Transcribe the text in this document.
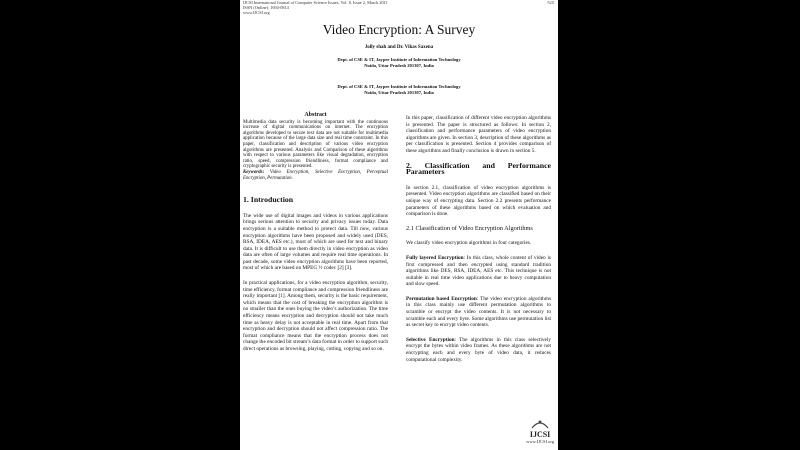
IJCSI International Journal of Computer Science Issues, Vol. 8, Issue 2, March 2011
ISSN (Online): 1694-0814
www.IJCSI.org
525
Video Encryption: A Survey
Jolly shah and Dr. Vikas Saxena
Dept. of CSE & IT, Jaypee Institute of Information Technology
Noida, Uttar Pradesh 201307, India
Dept. of CSE & IT, Jaypee Institute of Information Technology
Noida, Uttar Pradesh 201307, India
Abstract

Multimedia data security is becoming important with the continuous increase of digital communications on internet. The encryption algorithms developed to secure text data are not suitable for multimedia application because of the large data size and real time constraint. In this paper, classification and description of various video encryption algorithms are presented. Analysis and Comparison of these algorithms with respect to various parameters like visual degradation, encryption ratio, speed, compression friendliness, format compliance and cryptographic security is presented.

Keywords: Video Encryption, Selective Encryption, Perceptual Encryption, Permutation.

1. Introduction

The wide use of digital images and videos in various applications brings serious attention to security and privacy issues today. Data encryption is a suitable method to protect data. Till now, various encryption algorithms have been proposed and widely used (DES, RSA, IDEA, AES etc.), most of which are used for text and binary data. It is difficult to use them directly in video encryption as video data are often of large volumes and require real time operations. In past decade, some video encryption algorithms have been reported, most of which are based on MPEG ½ codec [2] [3].

In practical applications, for a video encryption algorithm, security, time efficiency, format compliance and compression friendliness are really important [1]. Among them, security is the basic requirement, which means that the cost of breaking the encryption algorithm is no smaller than the ones buying the video’s authorization. The time efficiency means encryption and decryption should not take much time as heavy delay is not acceptable in real time. Apart from that encryption and decryption should not affect compression ratio. The format compliance means that the encryption process does not change the encoded bit stream’s data format in order to support such direct operations as browsing, playing, cutting, copying and so on.

In this paper, classification of different video encryption algorithms is presented. The paper is structured as follows: In section 2, classification and performance parameters of video encryption algorithms are given. In section 3, description of these algorithms as per classification is presented. Section 4 provides comparison of these algorithms and finally conclusion is drawn in section 5.

2. Classification and Performance Parameters

In section 2.1, classification of video encryption algorithms is presented. Video encryption algorithms are classified based on their unique way of encrypting data. Section 2.2 presents performance parameters of these algorithms based on which evaluation and comparison is done.

2.1 Classification of Video Encryption Algorithms

We classify video encryption algorithms in four categories.

Fully layered Encryption: In this class, whole content of video is first compressed and then encrypted using standard tradition algorithms like DES, RSA, IDEA, AES etc. This technique is not suitable in real time video applications due to heavy computation and slow speed.

Permutation based Encryption: The video encryption algorithms in this class mainly use different permutation algorithms to scramble or encrypt the video contents. It is not necessary to scramble each and every byte. Some algorithms use permutation list as secret key to encrypt video contents.

Selective Encryption: The algorithms in this class selectively encrypt the bytes within video frames. As these algorithms are not encrypting each and every byte of video data, it reduces computational complexity.

IJCSI
www.IJCSI.org
